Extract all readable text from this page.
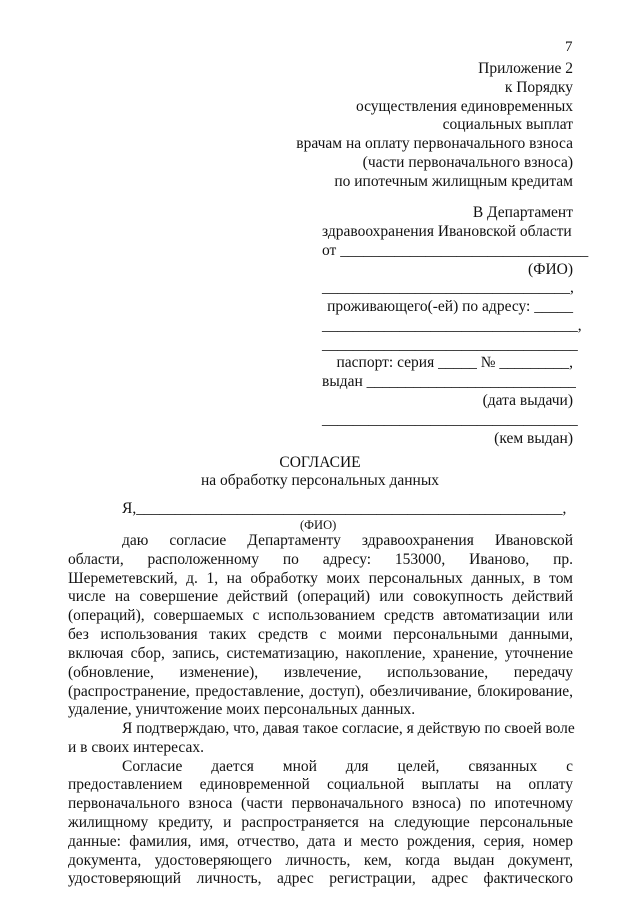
7
Приложение 2
к Порядку
осуществления единовременных
социальных выплат
врачам на оплату первоначального взноса
(части первоначального взноса)
по ипотечным жилищным кредитам
В Департамент
здравоохранения Ивановской области
от ________________________________
(ФИО)
________________________________,
проживающего(-ей) по адресу: _____
_________________________________,
_________________________________
паспорт: серия _____ № _________,
выдан ___________________________
(дата выдачи)
_________________________________
(кем выдан)
СОГЛАСИЕ
на обработку персональных данных
Я,_______________________________________________________,
(ФИО)
даю согласие Департаменту здравоохранения Ивановской
области, расположенному по адресу: 153000, Иваново, пр.
Шереметевский, д. 1, на обработку моих персональных данных, в том
числе на совершение действий (операций) или совокупность действий
(операций), совершаемых с использованием средств автоматизации или
без использования таких средств с моими персональными данными,
включая сбор, запись, систематизацию, накопление, хранение, уточнение
(обновление, изменение), извлечение, использование, передачу
(распространение, предоставление, доступ), обезличивание, блокирование,
удаление, уничтожение моих персональных данных.
Я подтверждаю, что, давая такое согласие, я действую по своей воле
и в своих интересах.
Согласие дается мной для целей, связанных с
предоставлением единовременной социальной выплаты на оплату
первоначального взноса (части первоначального взноса) по ипотечному
жилищному кредиту, и распространяется на следующие персональные
данные: фамилия, имя, отчество, дата и место рождения, серия, номер
документа, удостоверяющего личность, кем, когда выдан документ,
удостоверяющий личность, адрес регистрации, адрес фактического
